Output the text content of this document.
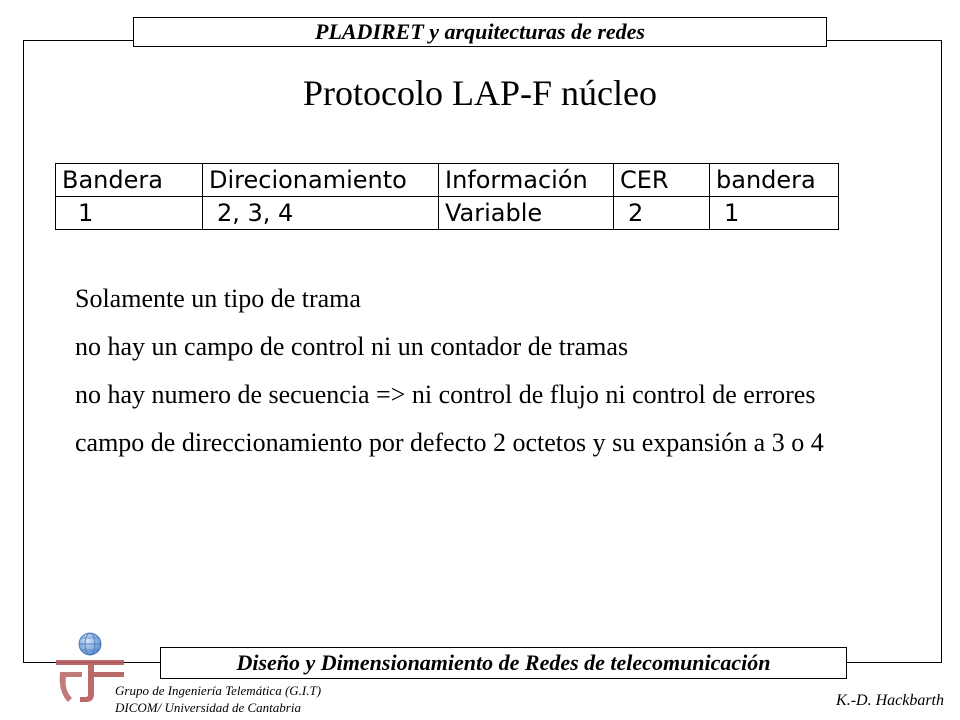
PLADIRET y arquitecturas de redes
Protocolo LAP-F núcleo
Bandera	Direcionamiento	Información	CER	bandera
1	2, 3, 4	Variable	2	1

Solamente un tipo de trama

no hay un campo de control ni un contador de tramas

no hay numero de secuencia => ni control de flujo ni control de errores

campo de direccionamiento por defecto 2 octetos y su expansión a 3 o 4

Diseño y Dimensionamiento de Redes de telecomunicación
Grupo de Ingeniería Telemática (G.I.T)
DICOM/ Universidad de Cantabria	K.-D. Hackbarth
